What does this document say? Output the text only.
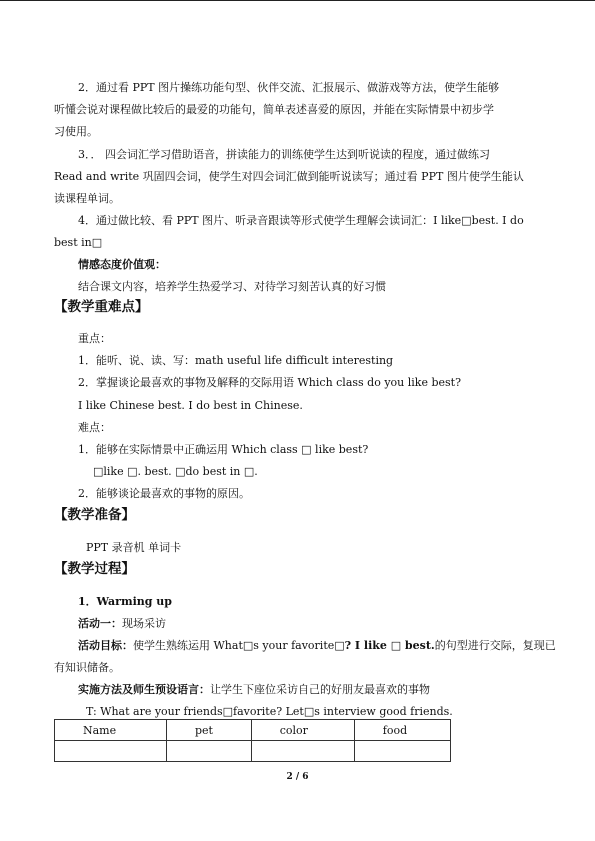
2．通过看 PPT 图片操练功能句型、伙伴交流、汇报展示、做游戏等方法，使学生能够
听懂会说对课程做比较后的最爱的功能句，简单表述喜爱的原因，并能在实际情景中初步学
习使用。
3．． 四会词汇学习借助语音，拼读能力的训练使学生达到听说读的程度，通过做练习
Read and write 巩固四会词，使学生对四会词汇做到能听说读写；通过看 PPT 图片使学生能认
读课程单词。
4．通过做比较、看 PPT 图片、听录音跟读等形式使学生理解会读词汇：I like□best. I do
best in□
情感态度价值观：
结合课文内容，培养学生热爱学习、对待学习刻苦认真的好习惯
【教学重难点】
重点：
1．能听、说、读、写：math useful life difficult interesting
2．掌握谈论最喜欢的事物及解释的交际用语 Which class do you like best?
I like Chinese best. I do best in Chinese.
难点：
1．能够在实际情景中正确运用 Which class □ like best?
□like □. best. □do best in □.
2．能够谈论最喜欢的事物的原因。
【教学准备】
PPT 录音机 单词卡
【教学过程】
1．Warming up
活动一：现场采访
活动目标：使学生熟练运用 What□s your favorite□? I like □ best.的句型进行交际，复现已
有知识储备。
实施方法及师生预设语言：让学生下座位采访自己的好朋友最喜欢的事物
T: What are your friends□favorite? Let□s interview good friends.
Name	pet	color	food

2 / 6
